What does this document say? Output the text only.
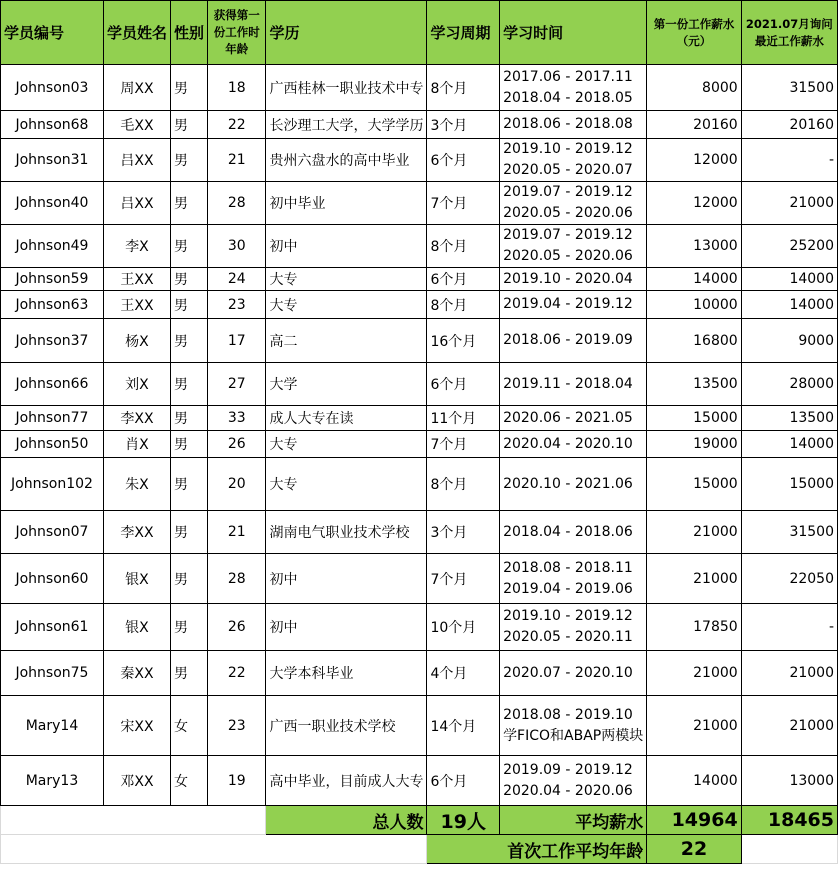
学员编号	学员姓名	性别	获得第一份工作时年龄	学历	学习周期	学习时间	第一份工作薪水（元）	2021.07月询问最近工作薪水
Johnson03	周XX	男	18	广西桂林一职业技术中专	8个月	2017.06 - 2017.11
2018.04 - 2018.05	8000	31500
Johnson68	毛XX	男	22	长沙理工大学，大学学历	3个月	2018.06 - 2018.08	20160	20160
Johnson31	吕XX	男	21	贵州六盘水的高中毕业	6个月	2019.10 - 2019.12
2020.05 - 2020.07	12000	-
Johnson40	吕XX	男	28	初中毕业	7个月	2019.07 - 2019.12
2020.05 - 2020.06	12000	21000
Johnson49	李X	男	30	初中	8个月	2019.07 - 2019.12
2020.05 - 2020.06	13000	25200
Johnson59	王XX	男	24	大专	6个月	2019.10 - 2020.04	14000	14000
Johnson63	王XX	男	23	大专	8个月	2019.04 - 2019.12	10000	14000
Johnson37	杨X	男	17	高二	16个月	2018.06 - 2019.09	16800	9000
Johnson66	刘X	男	27	大学	6个月	2019.11 - 2018.04	13500	28000
Johnson77	李XX	男	33	成人大专在读	11个月	2020.06 - 2021.05	15000	13500
Johnson50	肖X	男	26	大专	7个月	2020.04 - 2020.10	19000	14000
Johnson102	朱X	男	20	大专	8个月	2020.10 - 2021.06	15000	15000
Johnson07	李XX	男	21	湖南电气职业技术学校	3个月	2018.04 - 2018.06	21000	31500
Johnson60	银X	男	28	初中	7个月	2018.08 - 2018.11
2019.04 - 2019.06	21000	22050
Johnson61	银X	男	26	初中	10个月	2019.10 - 2019.12
2020.05 - 2020.11	17850	-
Johnson75	秦XX	男	22	大学本科毕业	4个月	2020.07 - 2020.10	21000	21000
Mary14	宋XX	女	23	广西一职业技术学校	14个月	2018.08 - 2019.10
学FICO和ABAP两模块	21000	21000
Mary13	邓XX	女	19	高中毕业，目前成人大专	6个月	2019.09 - 2019.12
2020.04 - 2020.06	14000	13000
				总人数	19人	平均薪水	14964	18465
					首次工作平均年龄		22	
